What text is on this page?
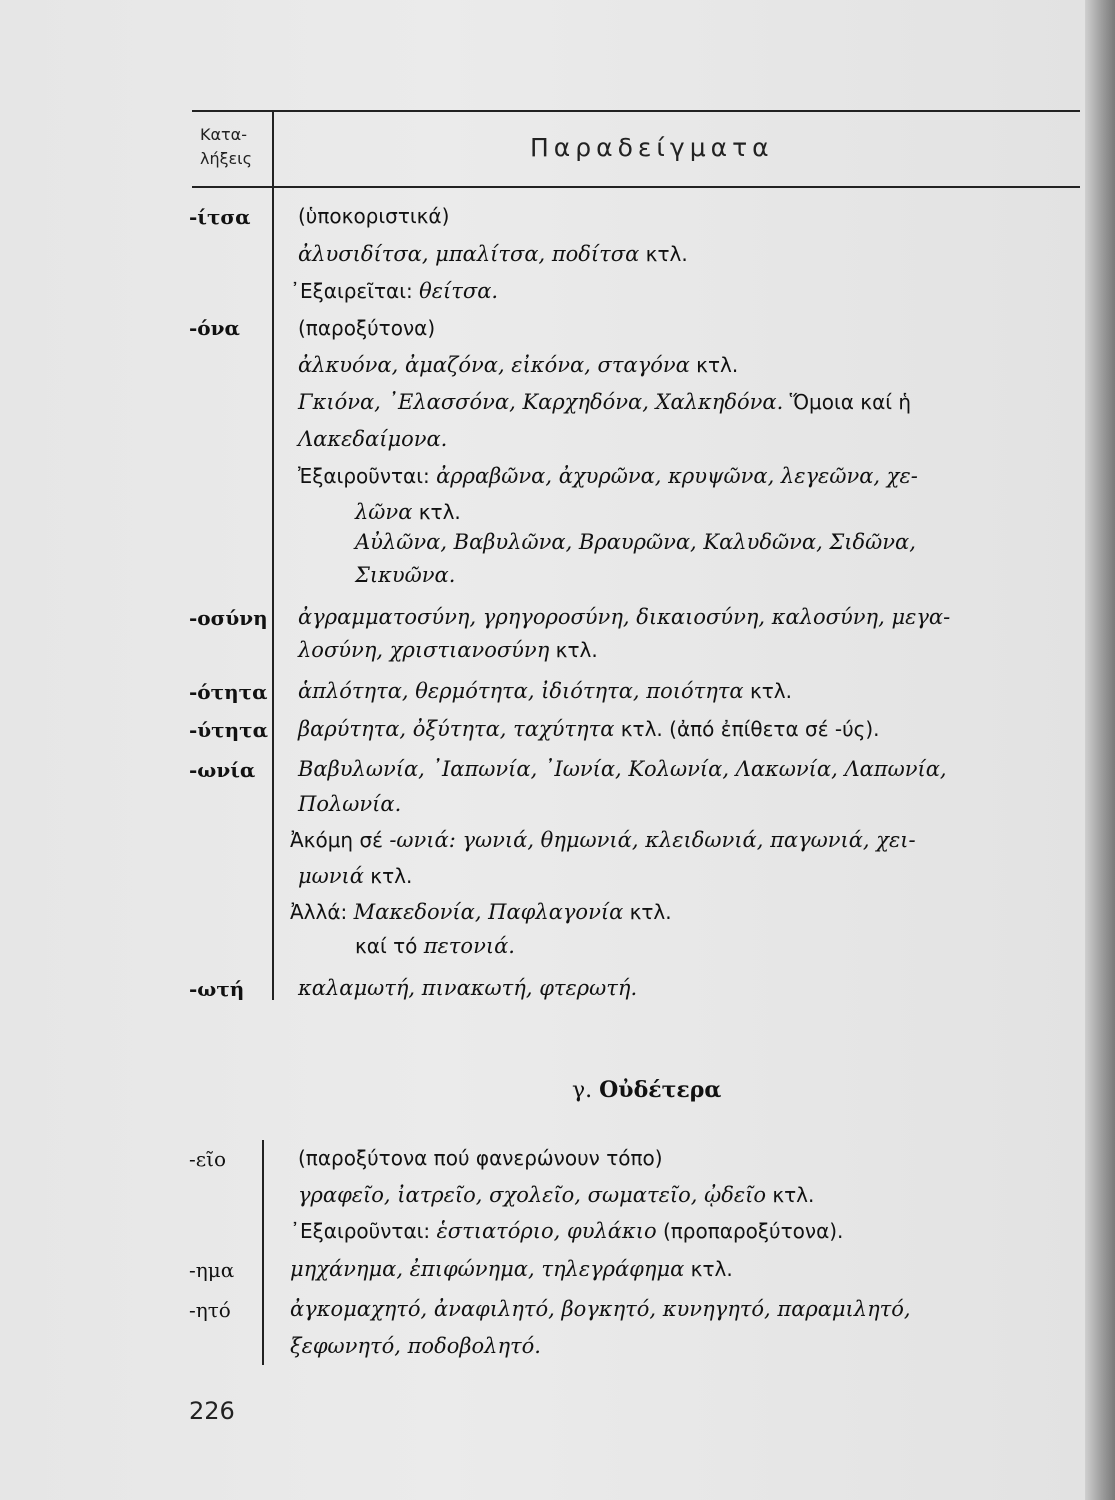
Κατα-
λήξεις	Παραδείγματα
-ίτσα (ὑποκοριστικά)
ἀλυσιδίτσα, μπαλίτσα, ποδίτσα κτλ.
᾿Εξαιρεῖται: θείτσα.
-όνα	(παροξύτονα)
ἀλκυόνα, ἀμαζόνα, εἰκόνα, σταγόνα κτλ.
Γκιόνα, ᾿Ελασσόνα, Καρχηδόνα, Χαλκηδόνα. Ὅμοια καί ἡ
Λακεδαίμονα.
Ἐξαιροῦνται: ἀρραβῶνα, ἀχυρῶνα, κρυψῶνα, λεγεῶνα, χε-
λῶνα κτλ.
Αὐλῶνα, Βαβυλῶνα, Βραυρῶνα, Καλυδῶνα, Σιδῶνα,
Σικυῶνα.
-οσύνη ἀγραμματοσύνη, γρηγοροσύνη, δικαιοσύνη, καλοσύνη, μεγα-
λοσύνη, χριστιανοσύνη κτλ.
-ότητα ἁπλότητα, θερμότητα, ἰδιότητα, ποιότητα κτλ.
-ύτητα βαρύτητα, ὀξύτητα, ταχύτητα κτλ. (ἀπό ἐπίθετα σέ -ύς).
-ωνία Βαβυλωνία, ᾿Ιαπωνία, ᾿Ιωνία, Κολωνία, Λακωνία, Λαπωνία,
Πολωνία.
Ἀκόμη σέ -ωνιά: γωνιά, θημωνιά, κλειδωνιά, παγωνιά, χει-
μωνιά κτλ.
Ἀλλά: Μακεδονία, Παφλαγονία κτλ.
καί τό πετονιά.
-ωτή	καλαμωτή, πινακωτή, φτερωτή.
γ. Οὐδέτερα
-εῖο	(παροξύτονα πού φανερώνουν τόπο)
γραφεῖο, ἰατρεῖο, σχολεῖο, σωματεῖο, ᾠδεῖο κτλ.
᾿Εξαιροῦνται: ἑστιατόριο, φυλάκιο (προπαροξύτονα).
-ημα	μηχάνημα, ἐπιφώνημα, τηλεγράφημα κτλ.
-ητό	ἀγκομαχητό, ἀναφιλητό, βογκητό, κυνηγητό, παραμιλητό,
ξεφωνητό, ποδοβολητό.
226
